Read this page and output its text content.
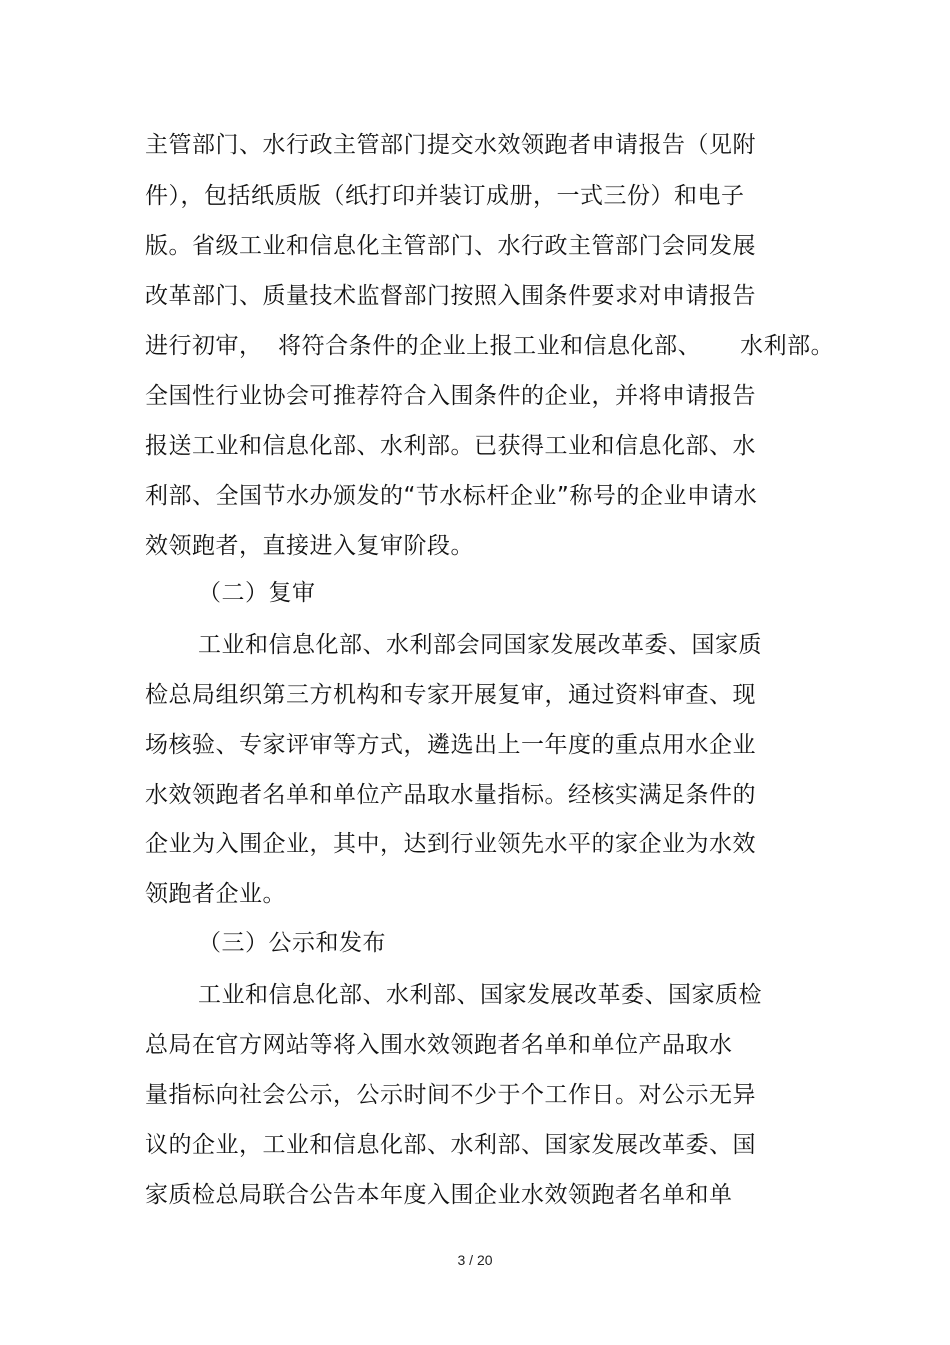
主管部门、水行政主管部门提交水效领跑者申请报告（见附
件），包括纸质版（纸打印并装订成册，一式三份）和电子
版。省级工业和信息化主管部门、水行政主管部门会同发展
改革部门、质量技术监督部门按照入围条件要求对申请报告
进行初审，  将符合条件的企业上报工业和信息化部、     水利部。
全国性行业协会可推荐符合入围条件的企业，并将申请报告
报送工业和信息化部、水利部。已获得工业和信息化部、水
利部、全国节水办颁发的“节水标杆企业”称号的企业申请水
效领跑者，直接进入复审阶段。
（二）复审
工业和信息化部、水利部会同国家发展改革委、国家质
检总局组织第三方机构和专家开展复审，通过资料审查、现
场核验、专家评审等方式，遴选出上一年度的重点用水企业
水效领跑者名单和单位产品取水量指标。经核实满足条件的
企业为入围企业，其中，达到行业领先水平的家企业为水效
领跑者企业。
（三）公示和发布
工业和信息化部、水利部、国家发展改革委、国家质检
总局在官方网站等将入围水效领跑者名单和单位产品取水
量指标向社会公示，公示时间不少于个工作日。对公示无异
议的企业，工业和信息化部、水利部、国家发展改革委、国
家质检总局联合公告本年度入围企业水效领跑者名单和单
3 / 20
